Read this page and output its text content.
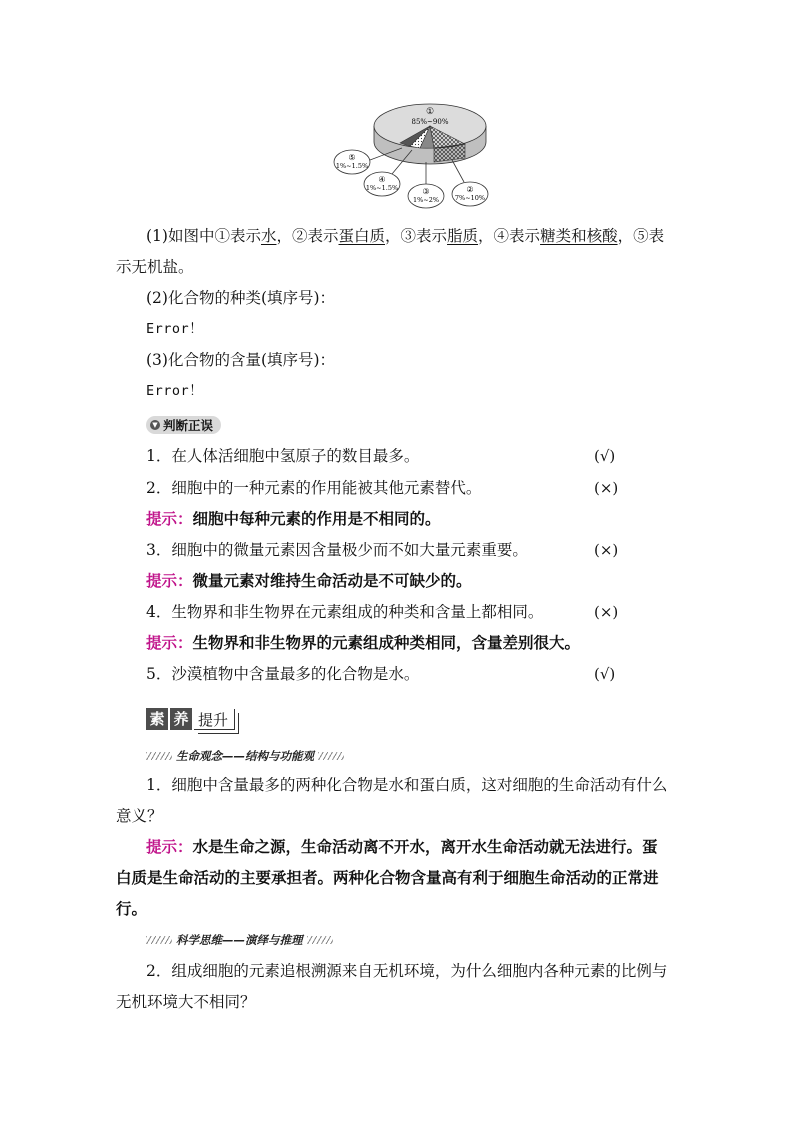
①
85%~90%
⑤
1%~1.5%
④
1%~1.5%	③
1%~2%
②
7%~10%
(1)如图中①表示水，②表示蛋白质，③表示脂质，④表示糖类和核酸，⑤表
示无机盐。
(2)化合物的种类(填序号)：
Error！
(3)化合物的含量(填序号)：
Error！
▼ 判断正误
1．在人体活细胞中氢原子的数目最多。	(√)
2．细胞中的一种元素的作用能被其他元素替代。	(×)
提示：细胞中每种元素的作用是不相同的。
3．细胞中的微量元素因含量极少而不如大量元素重要。	(×)
提示：微量元素对维持生命活动是不可缺少的。
4．生物界和非生物界在元素组成的种类和含量上都相同。	(×)
提示：生物界和非生物界的元素组成种类相同，含量差别很大。
5．沙漠植物中含量最多的化合物是水。	(√)
素 养 提升
生命观念——结构与功能观
1．细胞中含量最多的两种化合物是水和蛋白质，这对细胞的生命活动有什么
意义？
提示：水是生命之源，生命活动离不开水，离开水生命活动就无法进行。蛋
白质是生命活动的主要承担者。两种化合物含量高有利于细胞生命活动的正常进
行。
科学思维——演绎与推理
2．组成细胞的元素追根溯源来自无机环境，为什么细胞内各种元素的比例与
无机环境大不相同？
